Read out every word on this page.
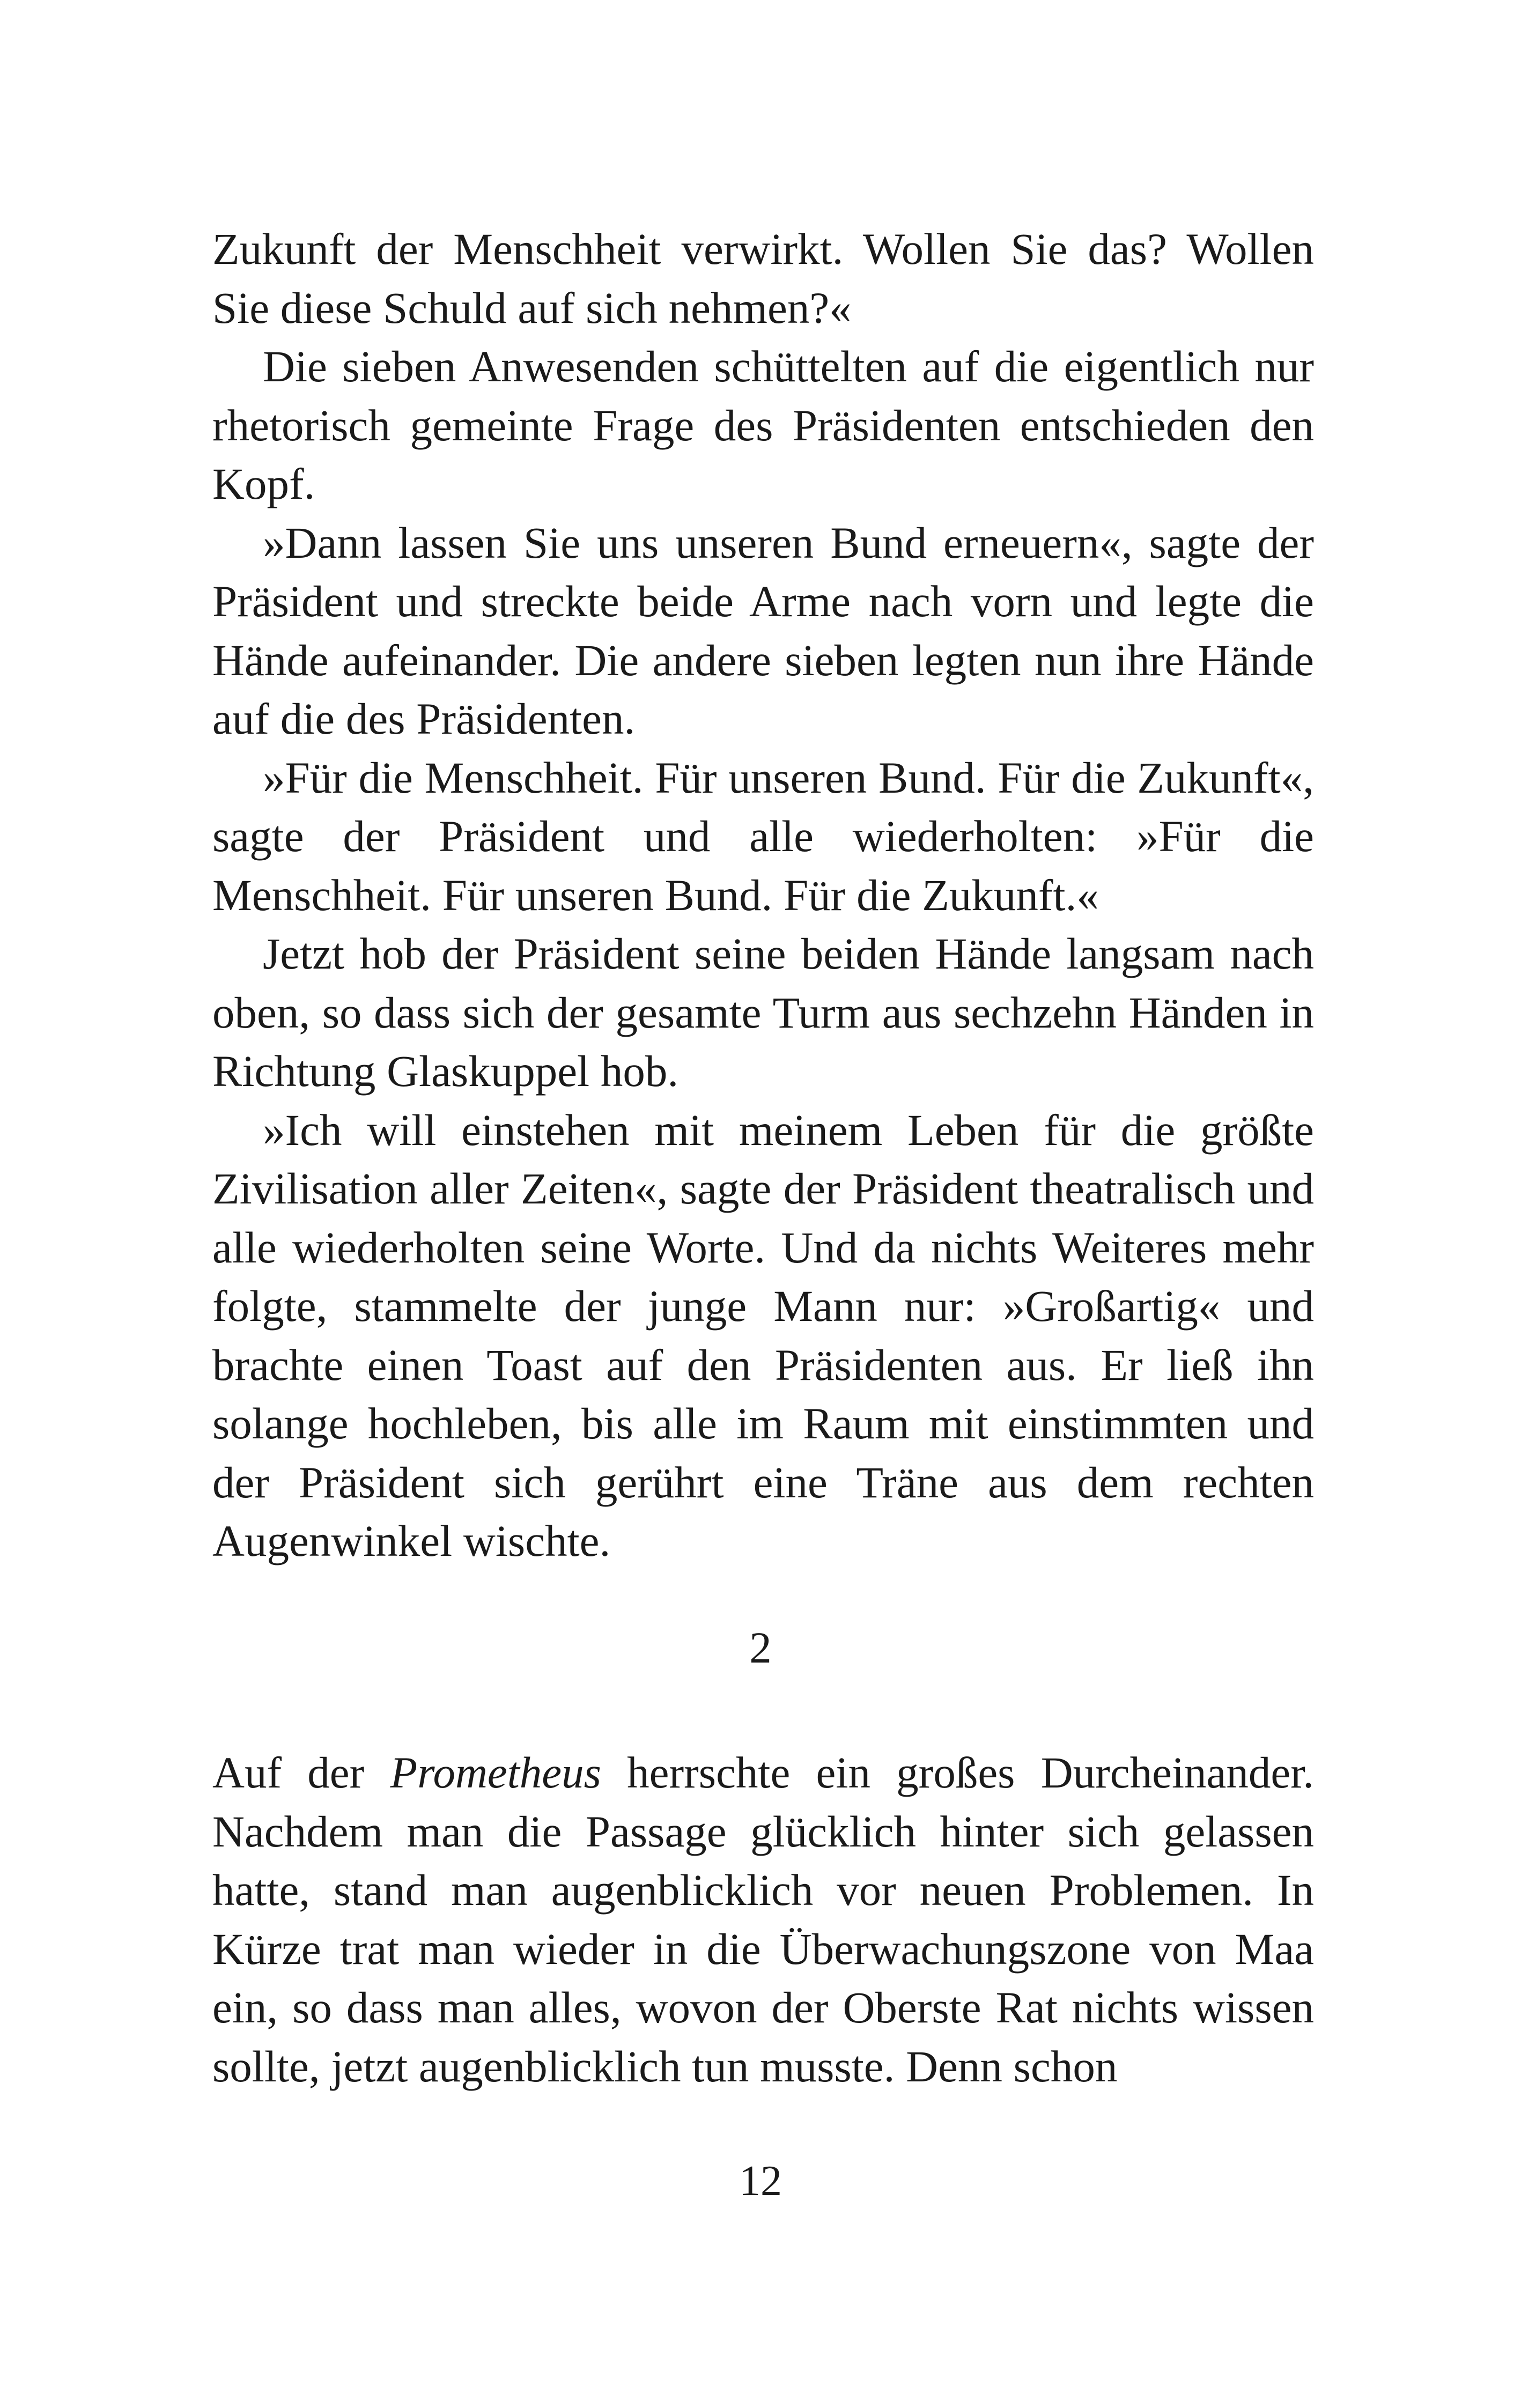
Zukunft der Menschheit verwirkt. Wollen Sie das? Wollen Sie diese Schuld auf sich nehmen?«

Die sieben Anwesenden schüttelten auf die eigentlich nur rhetorisch gemeinte Frage des Präsidenten entschieden den Kopf.

»Dann lassen Sie uns unseren Bund erneuern«, sagte der Präsident und streckte beide Arme nach vorn und legte die Hände aufeinander. Die andere sieben legten nun ihre Hände auf die des Präsidenten.

»Für die Menschheit. Für unseren Bund. Für die Zukunft«, sagte der Präsident und alle wiederholten: »Für die Menschheit. Für unseren Bund. Für die Zukunft.«

Jetzt hob der Präsident seine beiden Hände langsam nach oben, so dass sich der gesamte Turm aus sechzehn Händen in Richtung Glaskuppel hob.

»Ich will einstehen mit meinem Leben für die größte Zivilisation aller Zeiten«, sagte der Präsident theatralisch und alle wiederholten seine Worte. Und da nichts Weiteres mehr folgte, stammelte der junge Mann nur: »Großartig« und brachte einen Toast auf den Präsidenten aus. Er ließ ihn solange hochleben, bis alle im Raum mit einstimmten und der Präsident sich gerührt eine Träne aus dem rechten Augenwinkel wischte.

2

Auf der Prometheus herrschte ein großes Durcheinander. Nachdem man die Passage glücklich hinter sich gelassen hatte, stand man augenblicklich vor neuen Problemen. In Kürze trat man wieder in die Überwachungszone von Maa ein, so dass man alles, wovon der Oberste Rat nichts wissen sollte, jetzt augenblicklich tun musste. Denn schon

12
